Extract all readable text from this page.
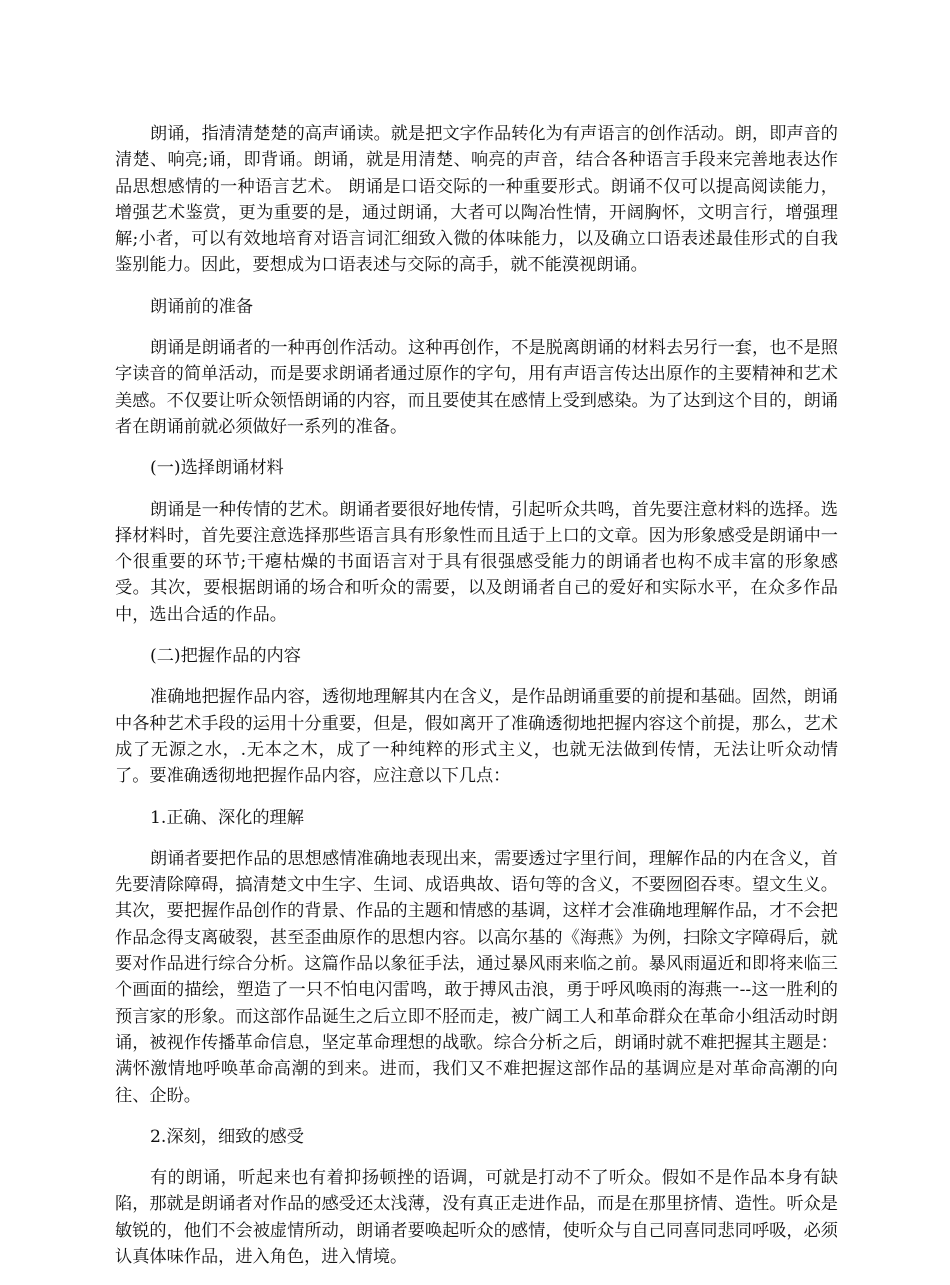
朗诵，指清清楚楚的高声诵读。就是把文字作品转化为有声语言的创作活动。朗，即声音的清楚、响亮;诵，即背诵。朗诵，就是用清楚、响亮的声音，结合各种语言手段来完善地表达作品思想感情的一种语言艺术。 朗诵是口语交际的一种重要形式。朗诵不仅可以提高阅读能力，增强艺术鉴赏，更为重要的是，通过朗诵，大者可以陶冶性情，开阔胸怀，文明言行，增强理解;小者，可以有效地培育对语言词汇细致入微的体味能力，以及确立口语表述最佳形式的自我鉴别能力。因此，要想成为口语表述与交际的高手，就不能漠视朗诵。

朗诵前的准备

朗诵是朗诵者的一种再创作活动。这种再创作，不是脱离朗诵的材料去另行一套，也不是照字读音的简单活动，而是要求朗诵者通过原作的字句，用有声语言传达出原作的主要精神和艺术美感。不仅要让听众领悟朗诵的内容，而且要使其在感情上受到感染。为了达到这个目的，朗诵者在朗诵前就必须做好一系列的准备。

(一)选择朗诵材料

朗诵是一种传情的艺术。朗诵者要很好地传情，引起听众共鸣，首先要注意材料的选择。选择材料时，首先要注意选择那些语言具有形象性而且适于上口的文章。因为形象感受是朗诵中一个很重要的环节;干瘪枯燥的书面语言对于具有很强感受能力的朗诵者也构不成丰富的形象感受。其次，要根据朗诵的场合和听众的需要，以及朗诵者自己的爱好和实际水平，在众多作品中，选出合适的作品。

(二)把握作品的内容

准确地把握作品内容，透彻地理解其内在含义，是作品朗诵重要的前提和基础。固然，朗诵中各种艺术手段的运用十分重要，但是，假如离开了准确透彻地把握内容这个前提，那么，艺术成了无源之水，.无本之木，成了一种纯粹的形式主义，也就无法做到传情，无法让听众动情了。要准确透彻地把握作品内容，应注意以下几点：

1.正确、深化的理解

朗诵者要把作品的思想感情准确地表现出来，需要透过字里行间，理解作品的内在含义，首先要清除障碍，搞清楚文中生字、生词、成语典故、语句等的含义，不要囫囵吞枣。望文生义。其次，要把握作品创作的背景、作品的主题和情感的基调，这样才会准确地理解作品，才不会把作品念得支离破裂，甚至歪曲原作的思想内容。以高尔基的《海燕》为例，扫除文字障碍后，就要对作品进行综合分析。这篇作品以象征手法，通过暴风雨来临之前。暴风雨逼近和即将来临三个画面的描绘，塑造了一只不怕电闪雷鸣，敢于搏风击浪，勇于呼风唤雨的海燕一--这一胜利的预言家的形象。而这部作品诞生之后立即不胫而走，被广阔工人和革命群众在革命小组活动时朗诵，被视作传播革命信息，坚定革命理想的战歌。综合分析之后，朗诵时就不难把握其主题是：满怀激情地呼唤革命高潮的到来。进而，我们又不难把握这部作品的基调应是对革命高潮的向往、企盼。

2.深刻，细致的感受

有的朗诵，听起来也有着抑扬顿挫的语调，可就是打动不了听众。假如不是作品本身有缺陷，那就是朗诵者对作品的感受还太浅薄，没有真正走进作品，而是在那里挤情、造性。听众是敏锐的，他们不会被虚情所动，朗诵者要唤起听众的感情，使听众与自己同喜同悲同呼吸，必须认真体味作品，进入角色，进入情境。
